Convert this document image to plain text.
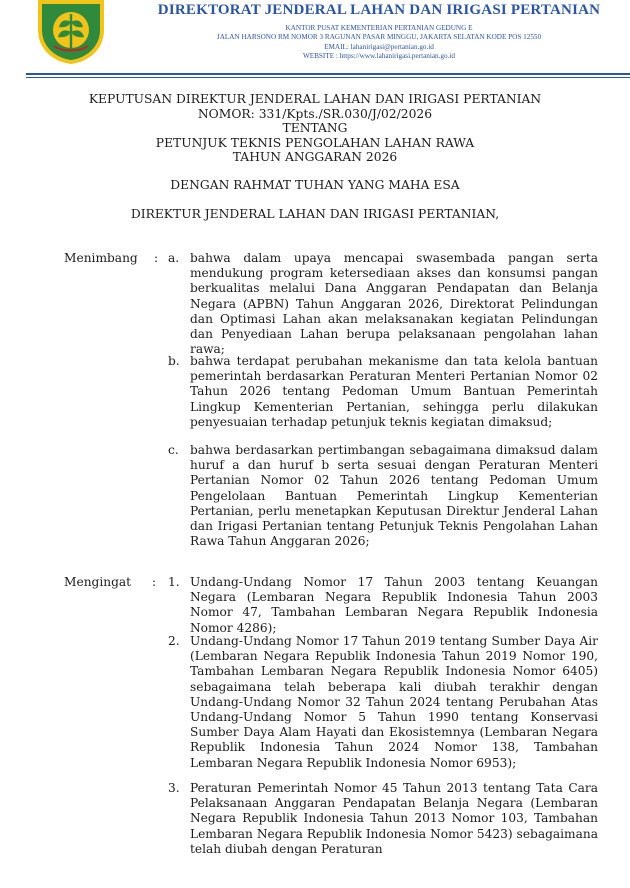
DIREKTORAT JENDERAL LAHAN DAN IRIGASI PERTANIAN
KANTOR PUSAT KEMENTERIAN PERTANIAN GEDUNG E
JALAN HARSONO RM NOMOR 3 RAGUNAN PASAR MINGGU, JAKARTA SELATAN KODE POS 12550
EMAIL: lahanirigasi@pertanian.go.id
WEBSITE : https://www.lahanirigasi.pertanian.go.id
KEPUTUSAN DIREKTUR JENDERAL LAHAN DAN IRIGASI PERTANIAN
NOMOR: 331/Kpts./SR.030/J/02/2026
TENTANG
PETUNJUK TEKNIS PENGOLAHAN LAHAN RAWA
TAHUN ANGGARAN 2026
DENGAN RAHMAT TUHAN YANG MAHA ESA
DIREKTUR JENDERAL LAHAN DAN IRIGASI PERTANIAN,
Menimbang : a. bahwa dalam upaya mencapai swasembada pangan serta mendukung program ketersediaan akses dan konsumsi pangan berkualitas melalui Dana Anggaran Pendapatan dan Belanja Negara (APBN) Tahun Anggaran 2026, Direktorat Pelindungan dan Optimasi Lahan akan melaksanakan kegiatan Pelindungan dan Penyediaan Lahan berupa pelaksanaan pengolahan lahan rawa;
b. bahwa terdapat perubahan mekanisme dan tata kelola bantuan pemerintah berdasarkan Peraturan Menteri Pertanian Nomor 02 Tahun 2026 tentang Pedoman Umum Bantuan Pemerintah Lingkup Kementerian Pertanian, sehingga perlu dilakukan penyesuaian terhadap petunjuk teknis kegiatan dimaksud;
c. bahwa berdasarkan pertimbangan sebagaimana dimaksud dalam huruf a dan huruf b serta sesuai dengan Peraturan Menteri Pertanian Nomor 02 Tahun 2026 tentang Pedoman Umum Pengelolaan Bantuan Pemerintah Lingkup Kementerian Pertanian, perlu menetapkan Keputusan Direktur Jenderal Lahan dan Irigasi Pertanian tentang Petunjuk Teknis Pengolahan Lahan Rawa Tahun Anggaran 2026;
Mengingat : 1. Undang-Undang Nomor 17 Tahun 2003 tentang Keuangan Negara (Lembaran Negara Republik Indonesia Tahun 2003 Nomor 47, Tambahan Lembaran Negara Republik Indonesia Nomor 4286);
2. Undang-Undang Nomor 17 Tahun 2019 tentang Sumber Daya Air (Lembaran Negara Republik Indonesia Tahun 2019 Nomor 190, Tambahan Lembaran Negara Republik Indonesia Nomor 6405) sebagaimana telah beberapa kali diubah terakhir dengan Undang-Undang Nomor 32 Tahun 2024 tentang Perubahan Atas Undang-Undang Nomor 5 Tahun 1990 tentang Konservasi Sumber Daya Alam Hayati dan Ekosistemnya (Lembaran Negara Republik Indonesia Tahun 2024 Nomor 138, Tambahan Lembaran Negara Republik Indonesia Nomor 6953);
3. Peraturan Pemerintah Nomor 45 Tahun 2013 tentang Tata Cara Pelaksanaan Anggaran Pendapatan Belanja Negara (Lembaran Negara Republik Indonesia Tahun 2013 Nomor 103, Tambahan Lembaran Negara Republik Indonesia Nomor 5423) sebagaimana telah diubah dengan Peraturan
